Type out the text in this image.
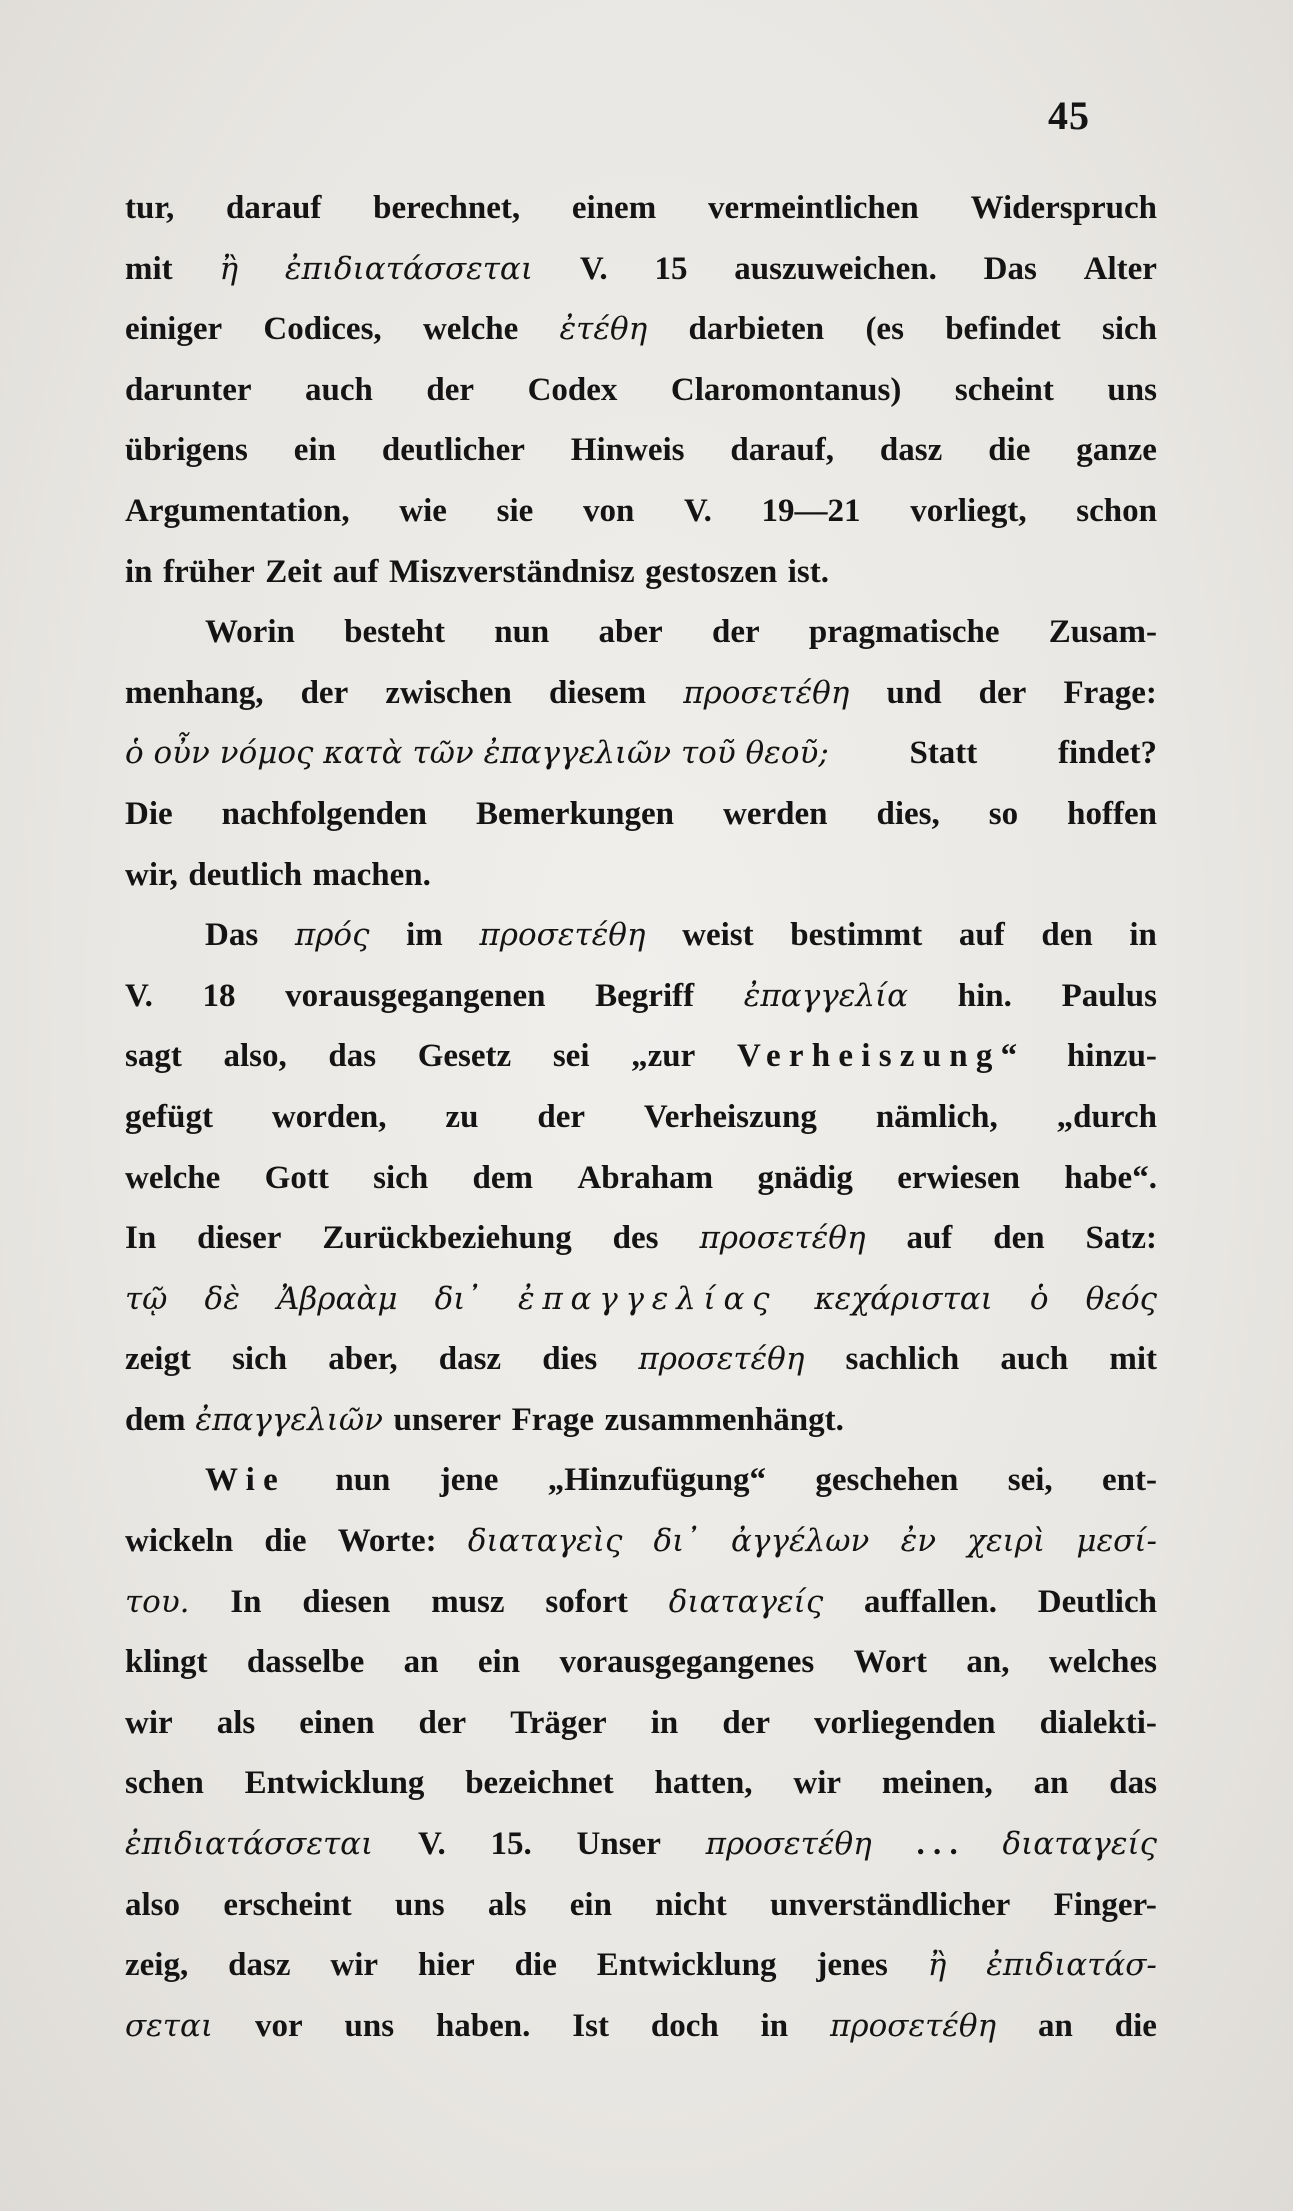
45
tur, darauf berechnet, einem vermeintlichen Widerspruch
mit ἢ ἐπιδιατάσσεται V. 15 auszuweichen. Das Alter
einiger Codices, welche ἐτέθη darbieten (es befindet sich
darunter auch der Codex Claromontanus) scheint uns
übrigens ein deutlicher Hinweis darauf, dasz die ganze
Argumentation, wie sie von V. 19—21 vorliegt, schon
in früher Zeit auf Miszverständnisz gestoszen ist.
Worin besteht nun aber der pragmatische Zusam-
menhang, der zwischen diesem προσετέθη und der Frage:
ὁ οὖν νόμος κατὰ τῶν ἐπαγγελιῶν τοῦ θεοῦ; Statt findet?
Die nachfolgenden Bemerkungen werden dies, so hoffen
wir, deutlich machen.
Das πρός im προσετέθη weist bestimmt auf den in
V. 18 vorausgegangenen Begriff ἐπαγγελία hin. Paulus
sagt also, das Gesetz sei „zur Verheiszung“ hinzu-
gefügt worden, zu der Verheiszung nämlich, „durch
welche Gott sich dem Abraham gnädig erwiesen habe“.
In dieser Zurückbeziehung des προσετέθη auf den Satz:
τῷ δὲ Ἀβραὰμ δι᾽ ἐπαγγελίας κεχάρισται ὁ θεός
zeigt sich aber, dasz dies προσετέθη sachlich auch mit
dem ἐπαγγελιῶν unserer Frage zusammenhängt.
Wie nun jene „Hinzufügung“ geschehen sei, ent-
wickeln die Worte: διαταγεὶς δι᾽ ἀγγέλων ἐν χειρὶ μεσί-
του. In diesen musz sofort διαταγείς auffallen. Deutlich
klingt dasselbe an ein vorausgegangenes Wort an, welches
wir als einen der Träger in der vorliegenden dialekti-
schen Entwicklung bezeichnet hatten, wir meinen, an das
ἐπιδιατάσσεται V. 15. Unser προσετέθη . . . διαταγείς
also erscheint uns als ein nicht unverständlicher Finger-
zeig, dasz wir hier die Entwicklung jenes ἢ ἐπιδιατάσ-
σεται vor uns haben. Ist doch in προσετέθη an die
